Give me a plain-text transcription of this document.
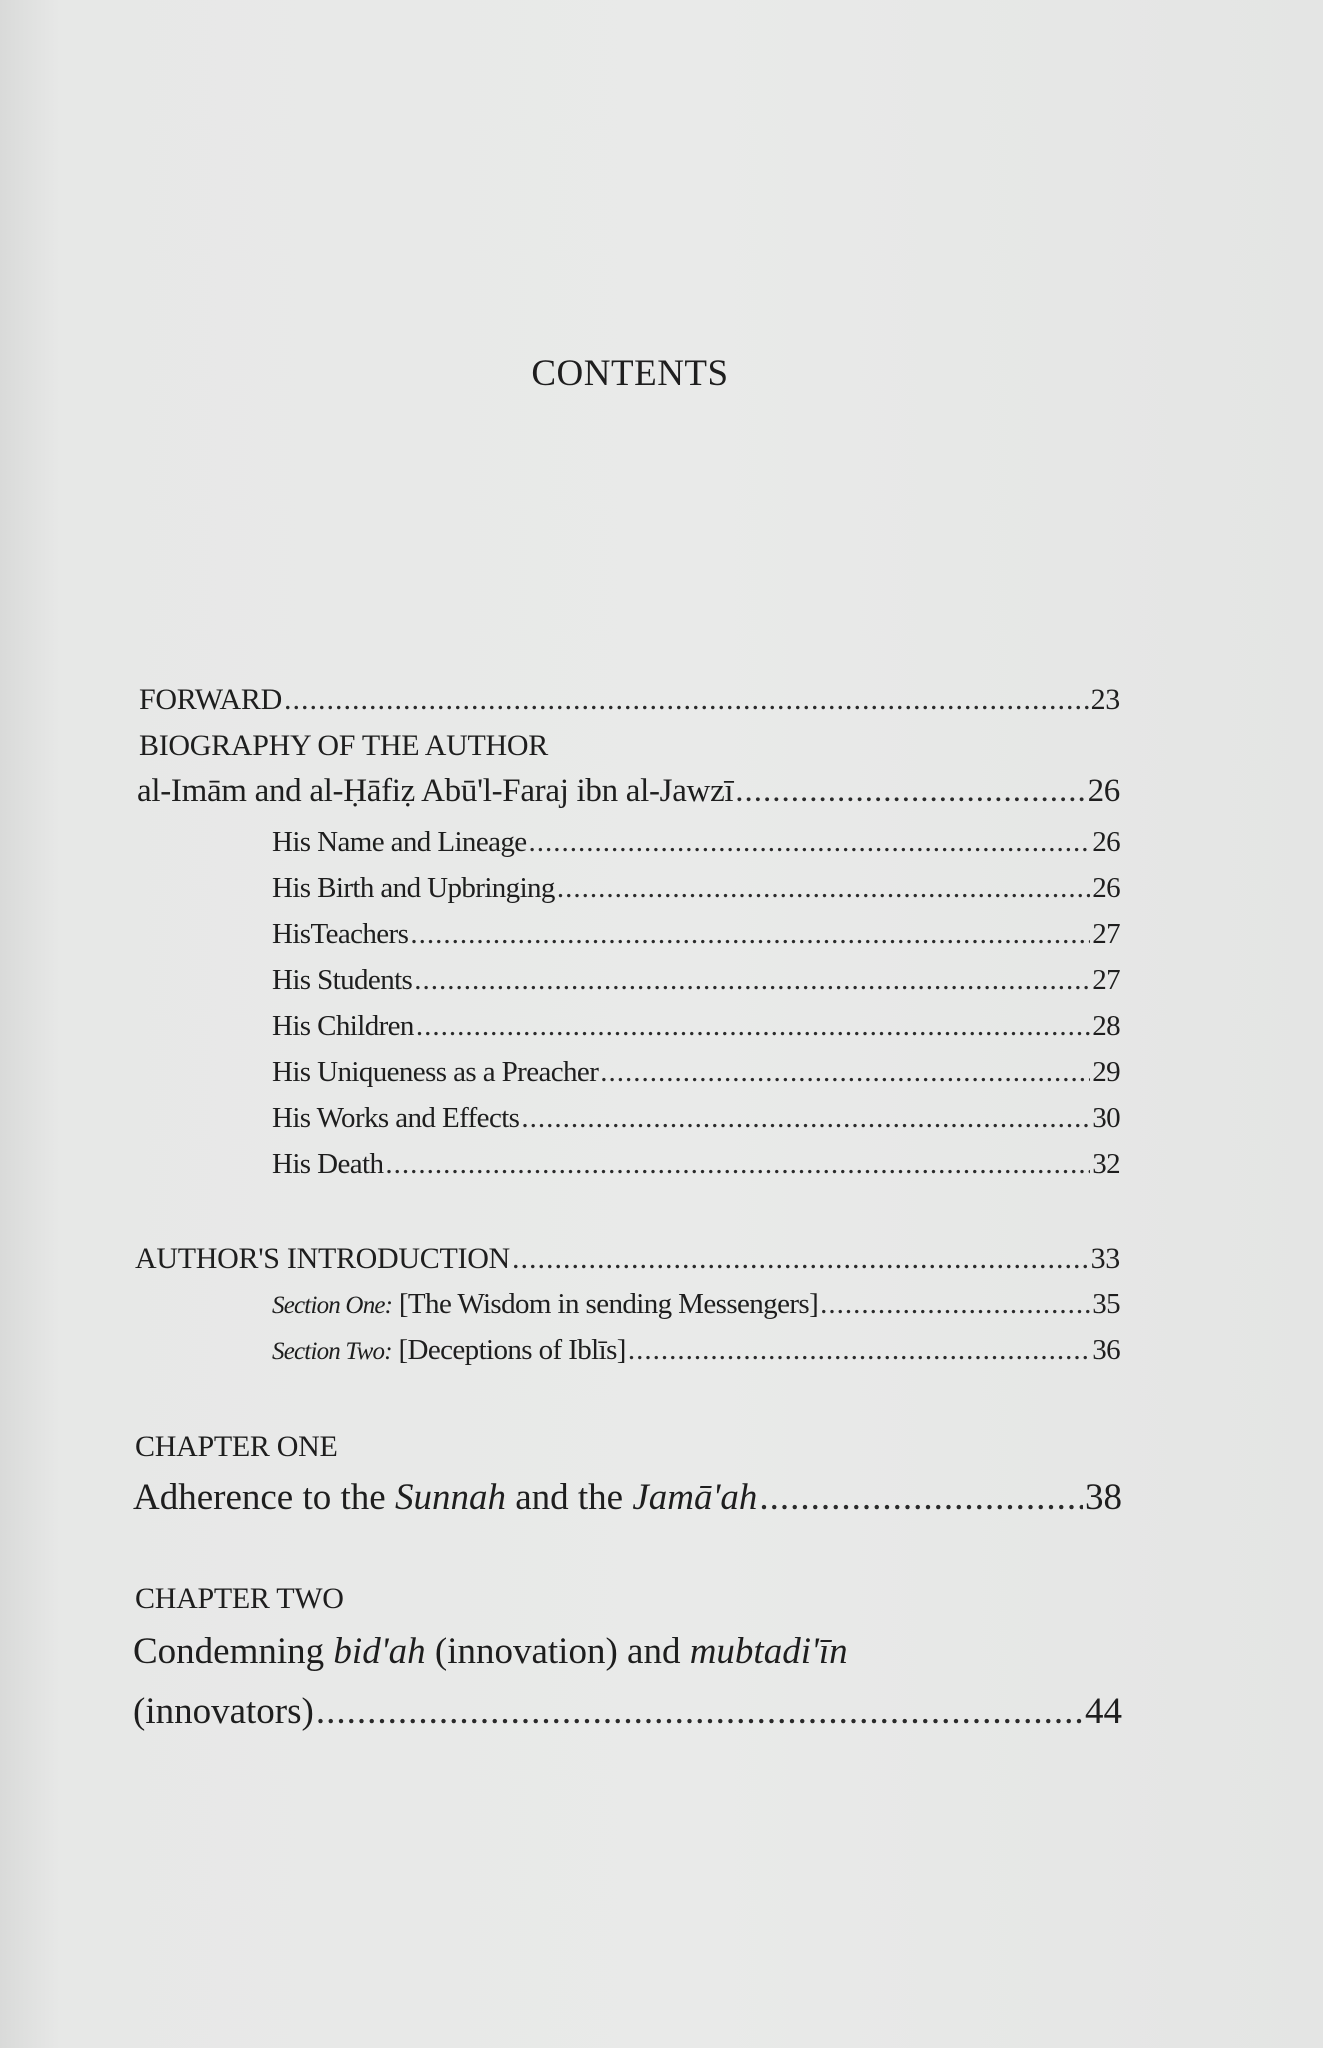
CONTENTS
FORWARD .....	23
BIOGRAPHY OF THE AUTHOR
al-Imām and al-Ḥāfiẓ Abū'l-Faraj ibn al-Jawzī .....	26
His Name and Lineage .....	26
His Birth and Upbringing .....	26
HisTeachers .....	27
His Students .....	27
His Children .....	28
His Uniqueness as a Preacher .....	29
His Works and Effects .....	30
His Death .....	32
AUTHOR'S INTRODUCTION .....	33
Section One: [The Wisdom in sending Messengers] .....	35
Section Two: [Deceptions of Iblīs] .....	36
CHAPTER ONE
Adherence to the Sunnah and the Jamā'ah .....	38
CHAPTER TWO
Condemning bid'ah (innovation) and mubtadi'īn
(innovators) .....	44
